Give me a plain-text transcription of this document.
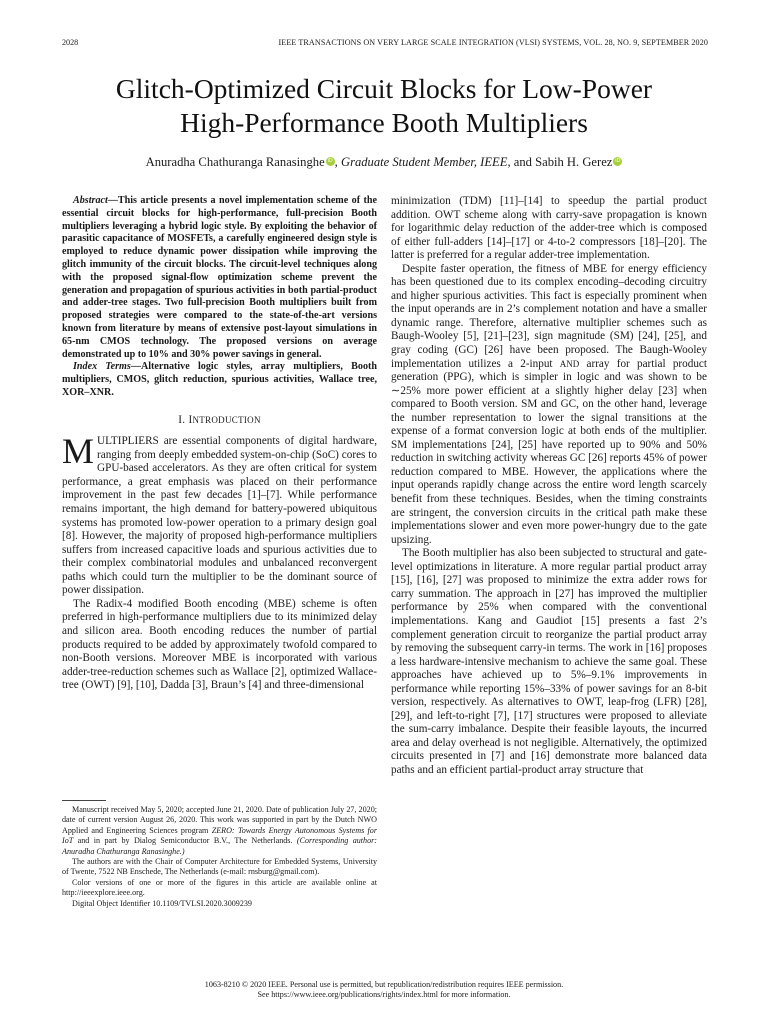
2028	IEEE TRANSACTIONS ON VERY LARGE SCALE INTEGRATION (VLSI) SYSTEMS, VOL. 28, NO. 9, SEPTEMBER 2020
Glitch-Optimized Circuit Blocks for Low-Power
High-Performance Booth Multipliers
Anuradha Chathuranga Ranasinghe iD , Graduate Student Member, IEEE, and Sabih H. Gerez iD

Abstract—This article presents a novel implementation scheme of the essential circuit blocks for high-performance, full-precision Booth multipliers leveraging a hybrid logic style. By exploiting the behavior of parasitic capacitance of MOSFETs, a carefully engineered design style is employed to reduce dynamic power dissipation while improving the glitch immunity of the circuit blocks. The circuit-level techniques along with the proposed signal-flow optimization scheme prevent the generation and propagation of spurious activities in both partial-product and adder-tree stages. Two full-precision Booth multipliers built from proposed strategies were compared to the state-of-the-art versions known from literature by means of extensive post-layout simulations in 65-nm CMOS technology. The proposed versions on average demonstrated up to 10% and 30% power savings in general.

Index Terms—Alternative logic styles, array multipliers, Booth multipliers, CMOS, glitch reduction, spurious activities, Wallace tree, XOR–XNR.

I. INTRODUCTION

MULTIPLIERS are essential components of digital hardware, ranging from deeply embedded system-on-chip (SoC) cores to GPU-based accelerators. As they are often critical for system performance, a great emphasis was placed on their performance improvement in the past few decades [1]–[7]. While performance remains important, the high demand for battery-powered ubiquitous systems has promoted low-power operation to a primary design goal [8]. However, the majority of proposed high-performance multipliers suffers from increased capacitive loads and spurious activities due to their complex combinatorial modules and unbalanced reconvergent paths which could turn the multiplier to be the dominant source of power dissipation.

The Radix-4 modified Booth encoding (MBE) scheme is often preferred in high-performance multipliers due to its minimized delay and silicon area. Booth encoding reduces the number of partial products required to be added by approximately twofold compared to non-Booth versions. Moreover MBE is incorporated with various adder-tree-reduction schemes such as Wallace [2], optimized Wallace-tree (OWT) [9], [10], Dadda [3], Braun’s [4] and three-dimensional

Manuscript received May 5, 2020; accepted June 21, 2020. Date of publication July 27, 2020; date of current version August 26, 2020. This work was supported in part by the Dutch NWO Applied and Engineering Sciences program ZERO: Towards Energy Autonomous Systems for IoT and in part by Dialog Semiconductor B.V., The Netherlands. (Corresponding author: Anuradha Chathuranga Ranasinghe.)

The authors are with the Chair of Computer Architecture for Embedded Systems, University of Twente, 7522 NB Enschede, The Netherlands (e-mail: rnsburg@gmail.com).

Color versions of one or more of the figures in this article are available online at http://ieeexplore.ieee.org.

Digital Object Identifier 10.1109/TVLSI.2020.3009239

minimization (TDM) [11]–[14] to speedup the partial product addition. OWT scheme along with carry-save propagation is known for logarithmic delay reduction of the adder-tree which is composed of either full-adders [14]–[17] or 4-to-2 compressors [18]–[20]. The latter is preferred for a regular adder-tree implementation.

Despite faster operation, the fitness of MBE for energy efficiency has been questioned due to its complex encoding–decoding circuitry and higher spurious activities. This fact is especially prominent when the input operands are in 2’s complement notation and have a smaller dynamic range. Therefore, alternative multiplier schemes such as Baugh-Wooley [5], [21]–[23], sign magnitude (SM) [24], [25], and gray coding (GC) [26] have been proposed. The Baugh-Wooley implementation utilizes a 2-input AND array for partial product generation (PPG), which is simpler in logic and was shown to be ∼25% more power efficient at a slightly higher delay [23] when compared to Booth version. SM and GC, on the other hand, leverage the number representation to lower the signal transitions at the expense of a format conversion logic at both ends of the multiplier. SM implementations [24], [25] have reported up to 90% and 50% reduction in switching activity whereas GC [26] reports 45% of power reduction compared to MBE. However, the applications where the input operands rapidly change across the entire word length scarcely benefit from these techniques. Besides, when the timing constraints are stringent, the conversion circuits in the critical path make these implementations slower and even more power-hungry due to the gate upsizing.

The Booth multiplier has also been subjected to structural and gate-level optimizations in literature. A more regular partial product array [15], [16], [27] was proposed to minimize the extra adder rows for carry summation. The approach in [27] has improved the multiplier performance by 25% when compared with the conventional implementations. Kang and Gaudiot [15] presents a fast 2’s complement generation circuit to reorganize the partial product array by removing the subsequent carry-in terms. The work in [16] proposes a less hardware-intensive mechanism to achieve the same goal. These approaches have achieved up to 5%–9.1% improvements in performance while reporting 15%–33% of power savings for an 8-bit version, respectively. As alternatives to OWT, leap-frog (LFR) [28], [29], and left-to-right [7], [17] structures were proposed to alleviate the sum-carry imbalance. Despite their feasible layouts, the incurred area and delay overhead is not negligible. Alternatively, the optimized circuits presented in [7] and [16] demonstrate more balanced data paths and an efficient partial-product array structure that

1063-8210 © 2020 IEEE. Personal use is permitted, but republication/redistribution requires IEEE permission.
See https://www.ieee.org/publications/rights/index.html for more information.
